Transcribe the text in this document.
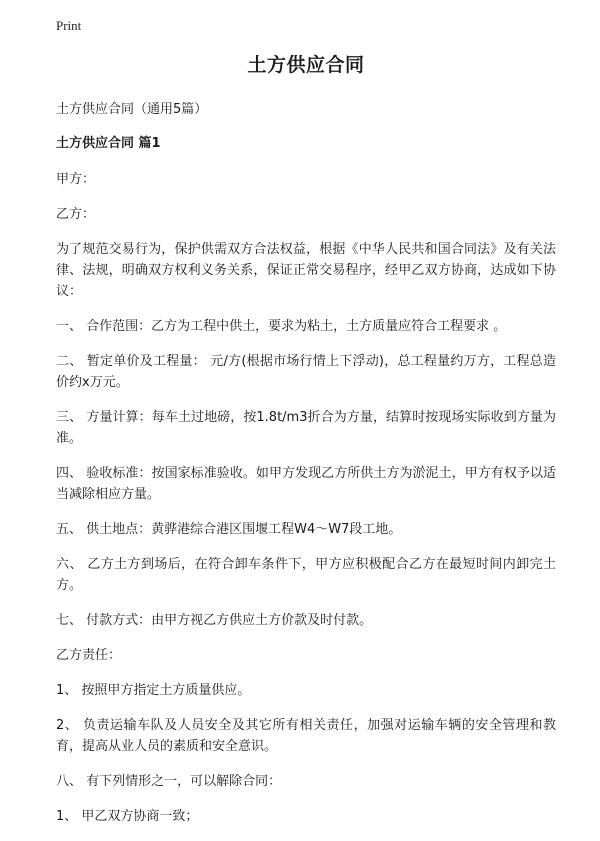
Print
土方供应合同
土方供应合同（通用5篇）
土方供应合同 篇1
甲方：
乙方：
为了规范交易行为，保护供需双方合法权益，根据《中华人民共和国合同法》及有关法律、法规，明确双方权利义务关系，保证正常交易程序，经甲乙双方协商，达成如下协议：
一、 合作范围：乙方为工程中供土，要求为粘土，土方质量应符合工程要求 。
二、 暂定单价及工程量： 元/方(根据市场行情上下浮动)，总工程量约万方，工程总造价约x万元。
三、 方量计算：每车土过地磅，按1.8t/m3折合为方量，结算时按现场实际收到方量为准。
四、 验收标准：按国家标准验收。如甲方发现乙方所供土方为淤泥土，甲方有权予以适当减除相应方量。
五、 供土地点：黄骅港综合港区围堰工程W4～W7段工地。
六、 乙方土方到场后，在符合卸车条件下，甲方应积极配合乙方在最短时间内卸完土方。
七、 付款方式：由甲方视乙方供应土方价款及时付款。
乙方责任：
1、 按照甲方指定土方质量供应。
2、 负责运输车队及人员安全及其它所有相关责任，加强对运输车辆的安全管理和教育，提高从业人员的素质和安全意识。
八、 有下列情形之一，可以解除合同：
1、 甲乙双方协商一致；
